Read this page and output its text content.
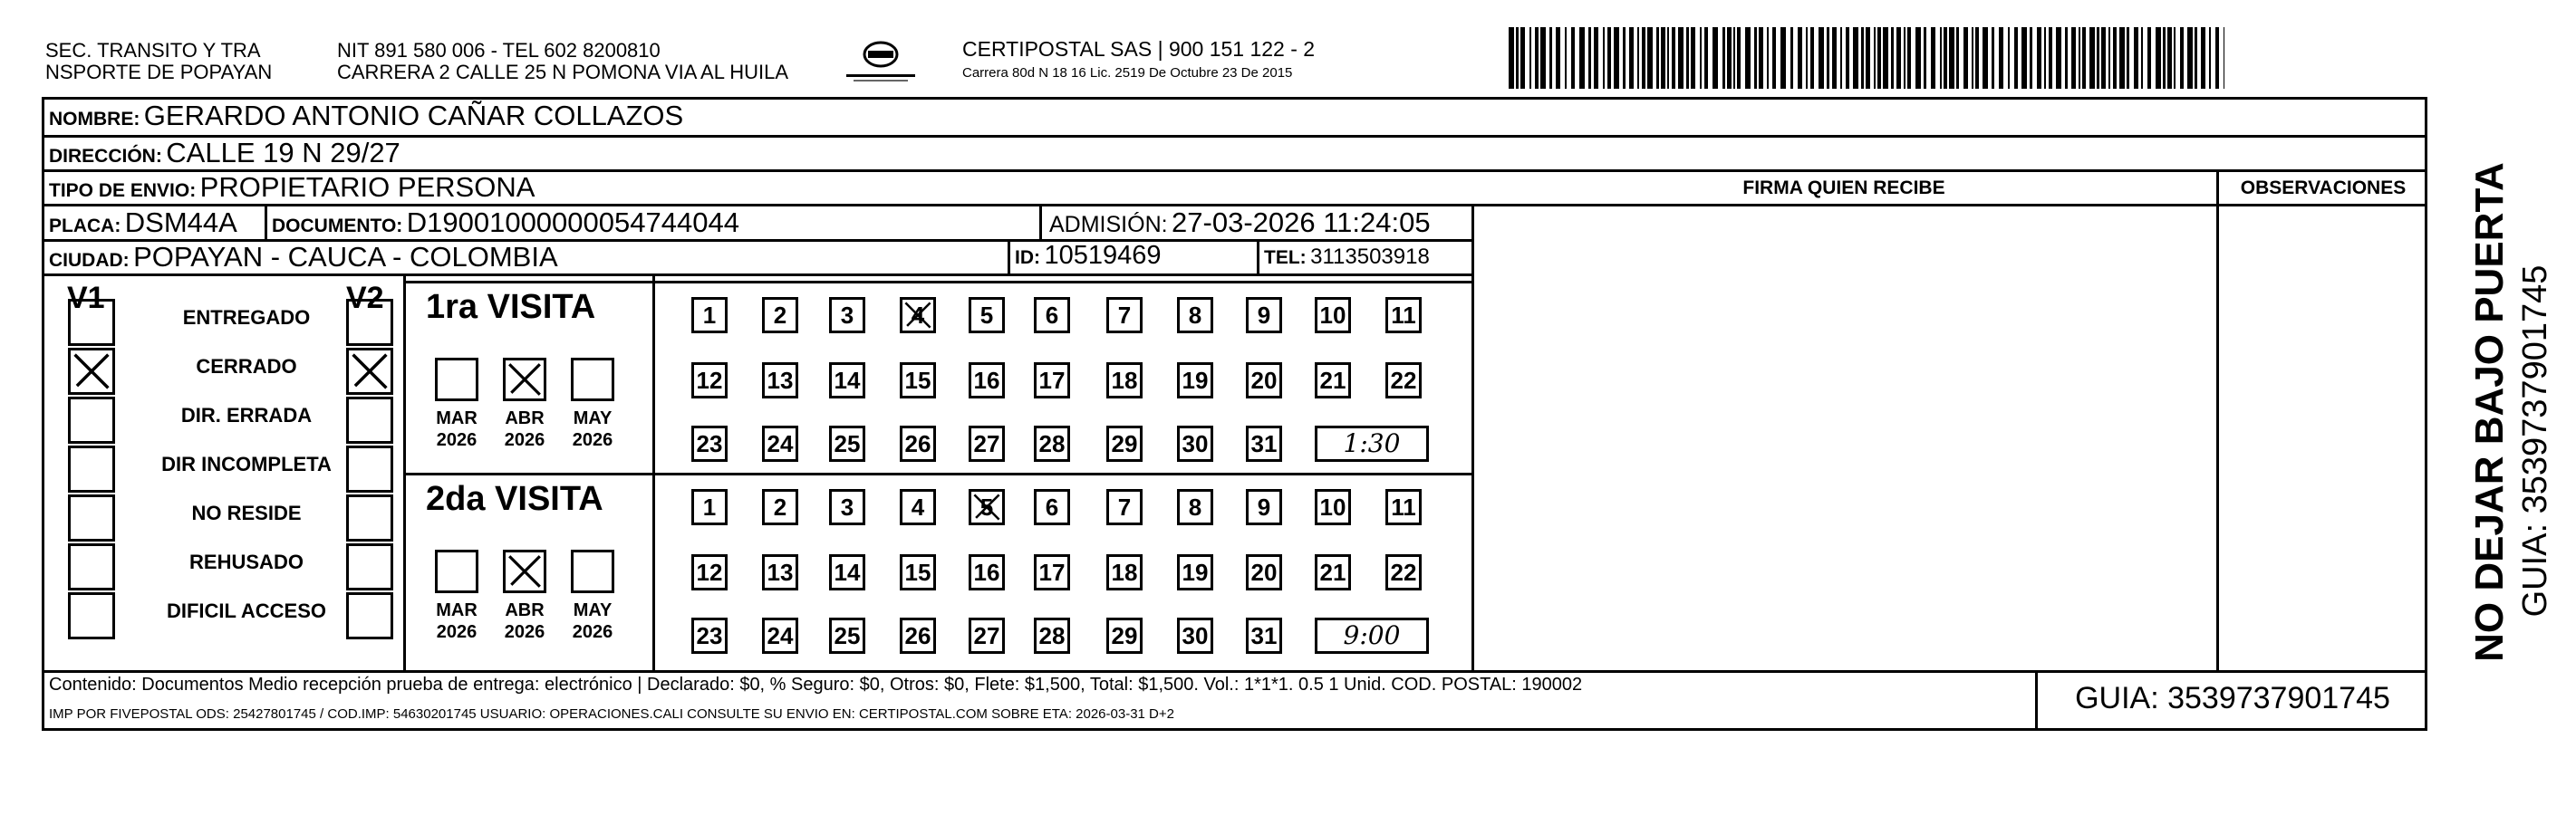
SEC. TRANSITO Y TRA
NSPORTE DE POPAYAN
NIT 891 580 006 - TEL 602 8200810
CARRERA 2 CALLE 25 N POMONA VIA AL HUILA
CERTIPOSTAL SAS | 900 151 122 - 2
Carrera 80d N 18 16 Lic. 2519 De Octubre 23 De 2015
NOMBRE: GERARDO ANTONIO CAÑAR COLLAZOS
DIRECCIÓN: CALLE 19 N 29/27
TIPO DE ENVIO: PROPIETARIO PERSONA
PLACA: DSM44A DOCUMENTO: D19001000000054744044	ADMISIÓN: 27-03-2026 11:24:05
CIUDAD: POPAYAN - CAUCA - COLOMBIA	ID: 10519469	TEL: 3113503918
FIRMA QUIEN RECIBE	OBSERVACIONES
V1	V2
ENTREGADO
CERRADO
DIR. ERRADA
DIR INCOMPLETA
NO RESIDE
REHUSADO
DIFICIL ACCESO
1ra VISITA
MAR
2026
ABR
2026
MAY
2026
1	2	3	4	5	6	7	8	9	10 11
12 13 14 15 16 17 18 19 20 21 22
23 24 25 26 27 28 29 30 31	1:30
2da VISITA
MAR
2026
ABR
2026
MAY
2026
1	2	3	4	5	6	7	8	9	10 11
12 13 14 15 16 17 18 19 20 21 22
23 24 25 26 27 28 29 30 31	9:00
Contenido: Documentos Medio recepción prueba de entrega: electrónico | Declarado: $0, % Seguro: $0, Otros: $0, Flete: $1,500, Total: $1,500. Vol.: 1*1*1. 0.5 1 Unid. COD. POSTAL: 190002
IMP POR FIVEPOSTAL ODS: 25427801745 / COD.IMP: 54630201745 USUARIO: OPERACIONES.CALI CONSULTE SU ENVIO EN: CERTIPOSTAL.COM SOBRE ETA: 2026-03-31 D+2	GUIA: 3539737901745
NO DEJAR BAJO PUERTA GUIA: 3539737901745
